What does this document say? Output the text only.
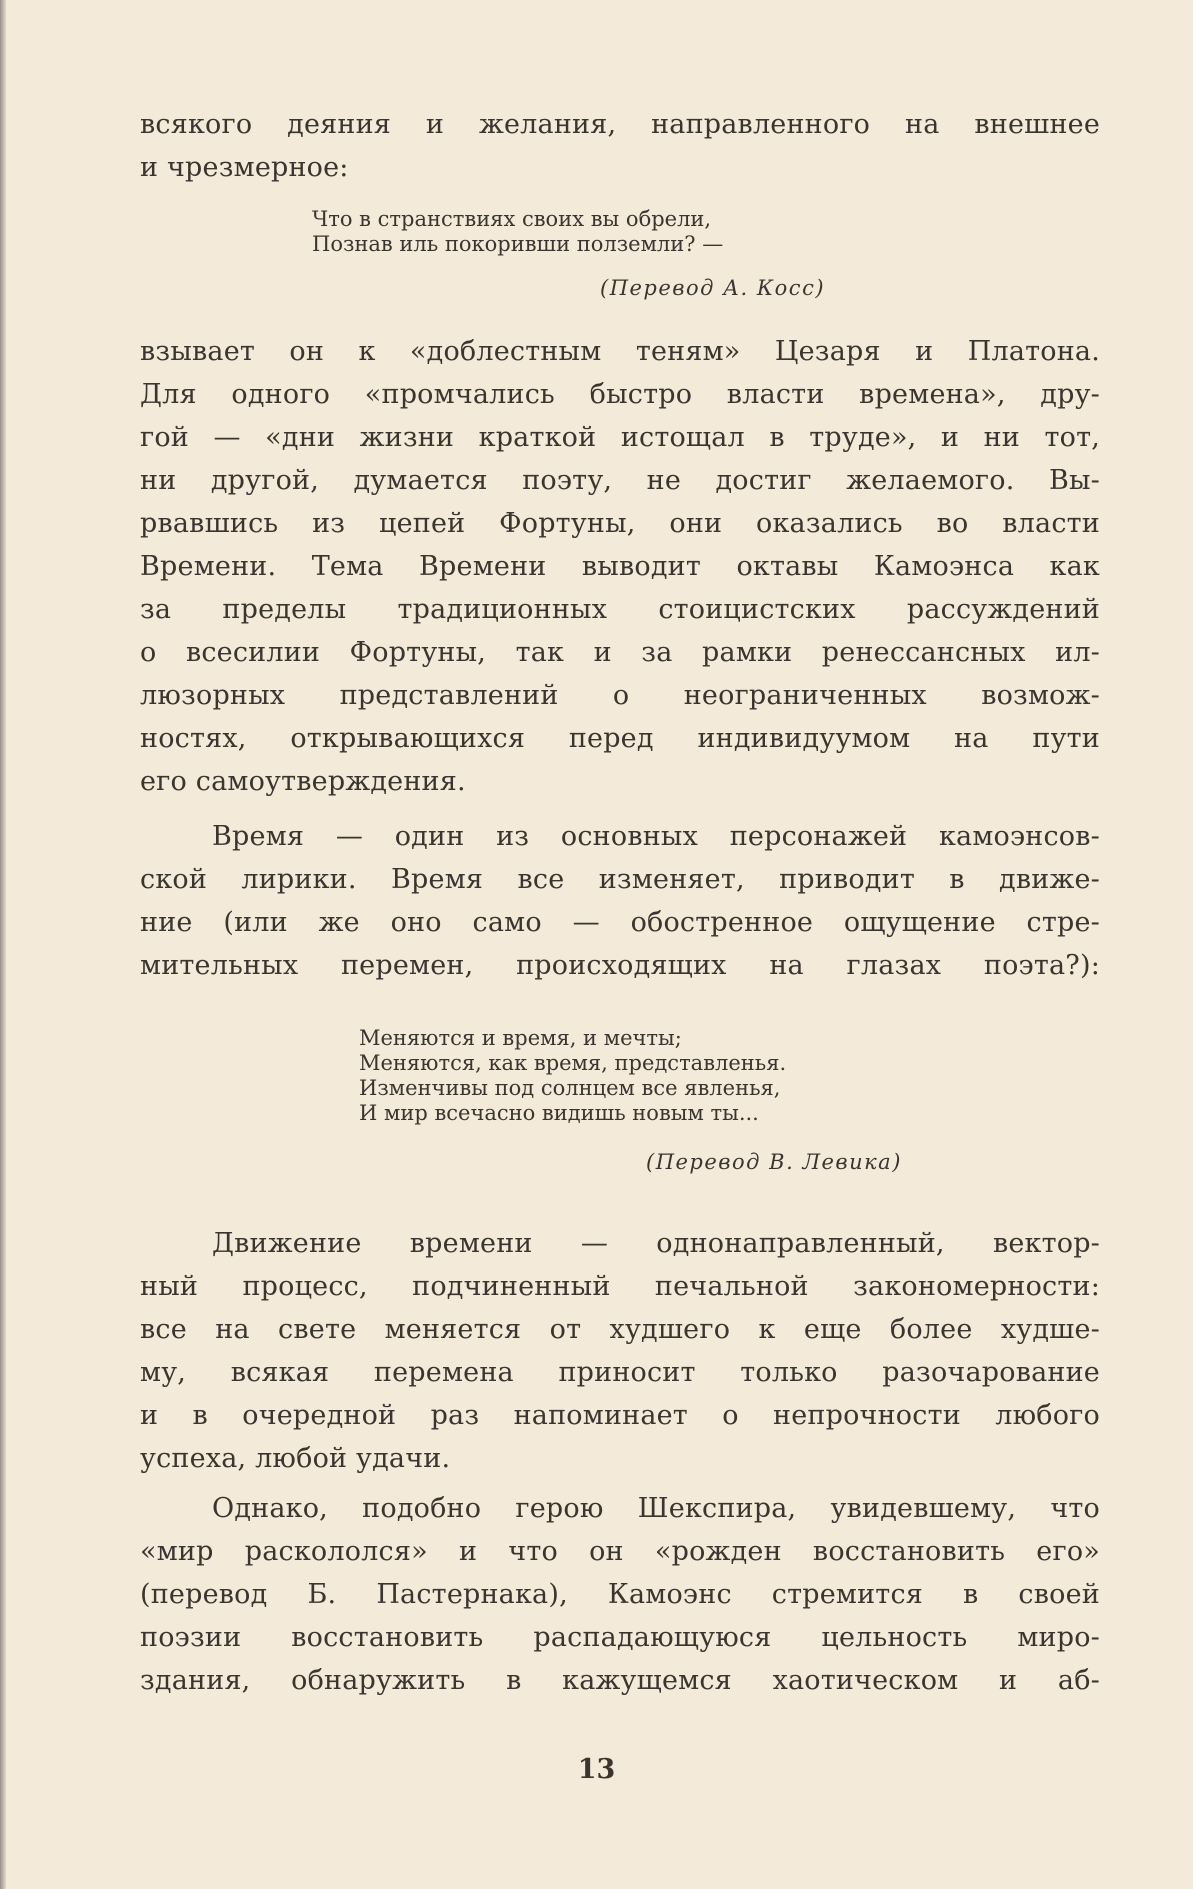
всякого деяния и желания, направленного на внешнее
и чрезмерное:
Что в странствиях своих вы обрели,
Познав иль покоривши полземли? —
(Перевод А. Косс)
взывает он к «доблестным теням» Цезаря и Платона.
Для одного «промчались быстро власти времена», дру-
гой — «дни жизни краткой истощал в труде», и ни тот,
ни другой, думается поэту, не достиг желаемого. Вы-
рвавшись из цепей Фортуны, они оказались во власти
Времени. Тема Времени выводит октавы Камоэнса как
за пределы традиционных стоицистских рассуждений
о всесилии Фортуны, так и за рамки ренессансных ил-
люзорных представлений о неограниченных возмож-
ностях, открывающихся перед индивидуумом на пути
его самоутверждения.
Время — один из основных персонажей камоэнсов-
ской лирики. Время все изменяет, приводит в движе-
ние (или же оно само — обостренное ощущение стре-
мительных перемен, происходящих на глазах поэта?):
Меняются и время, и мечты;
Меняются, как время, представленья.
Изменчивы под солнцем все явленья,
И мир всечасно видишь новым ты...
(Перевод В. Левика)
Движение времени — однонаправленный, вектор-
ный процесс, подчиненный печальной закономерности:
все на свете меняется от худшего к еще более худше-
му, всякая перемена приносит только разочарование
и в очередной раз напоминает о непрочности любого
успеха, любой удачи.
Однако, подобно герою Шекспира, увидевшему, что
«мир раскололся» и что он «рожден восстановить его»
(перевод Б. Пастернака), Камоэнс стремится в своей
поэзии восстановить распадающуюся цельность миро-
здания, обнаружить в кажущемся хаотическом и аб-
13
